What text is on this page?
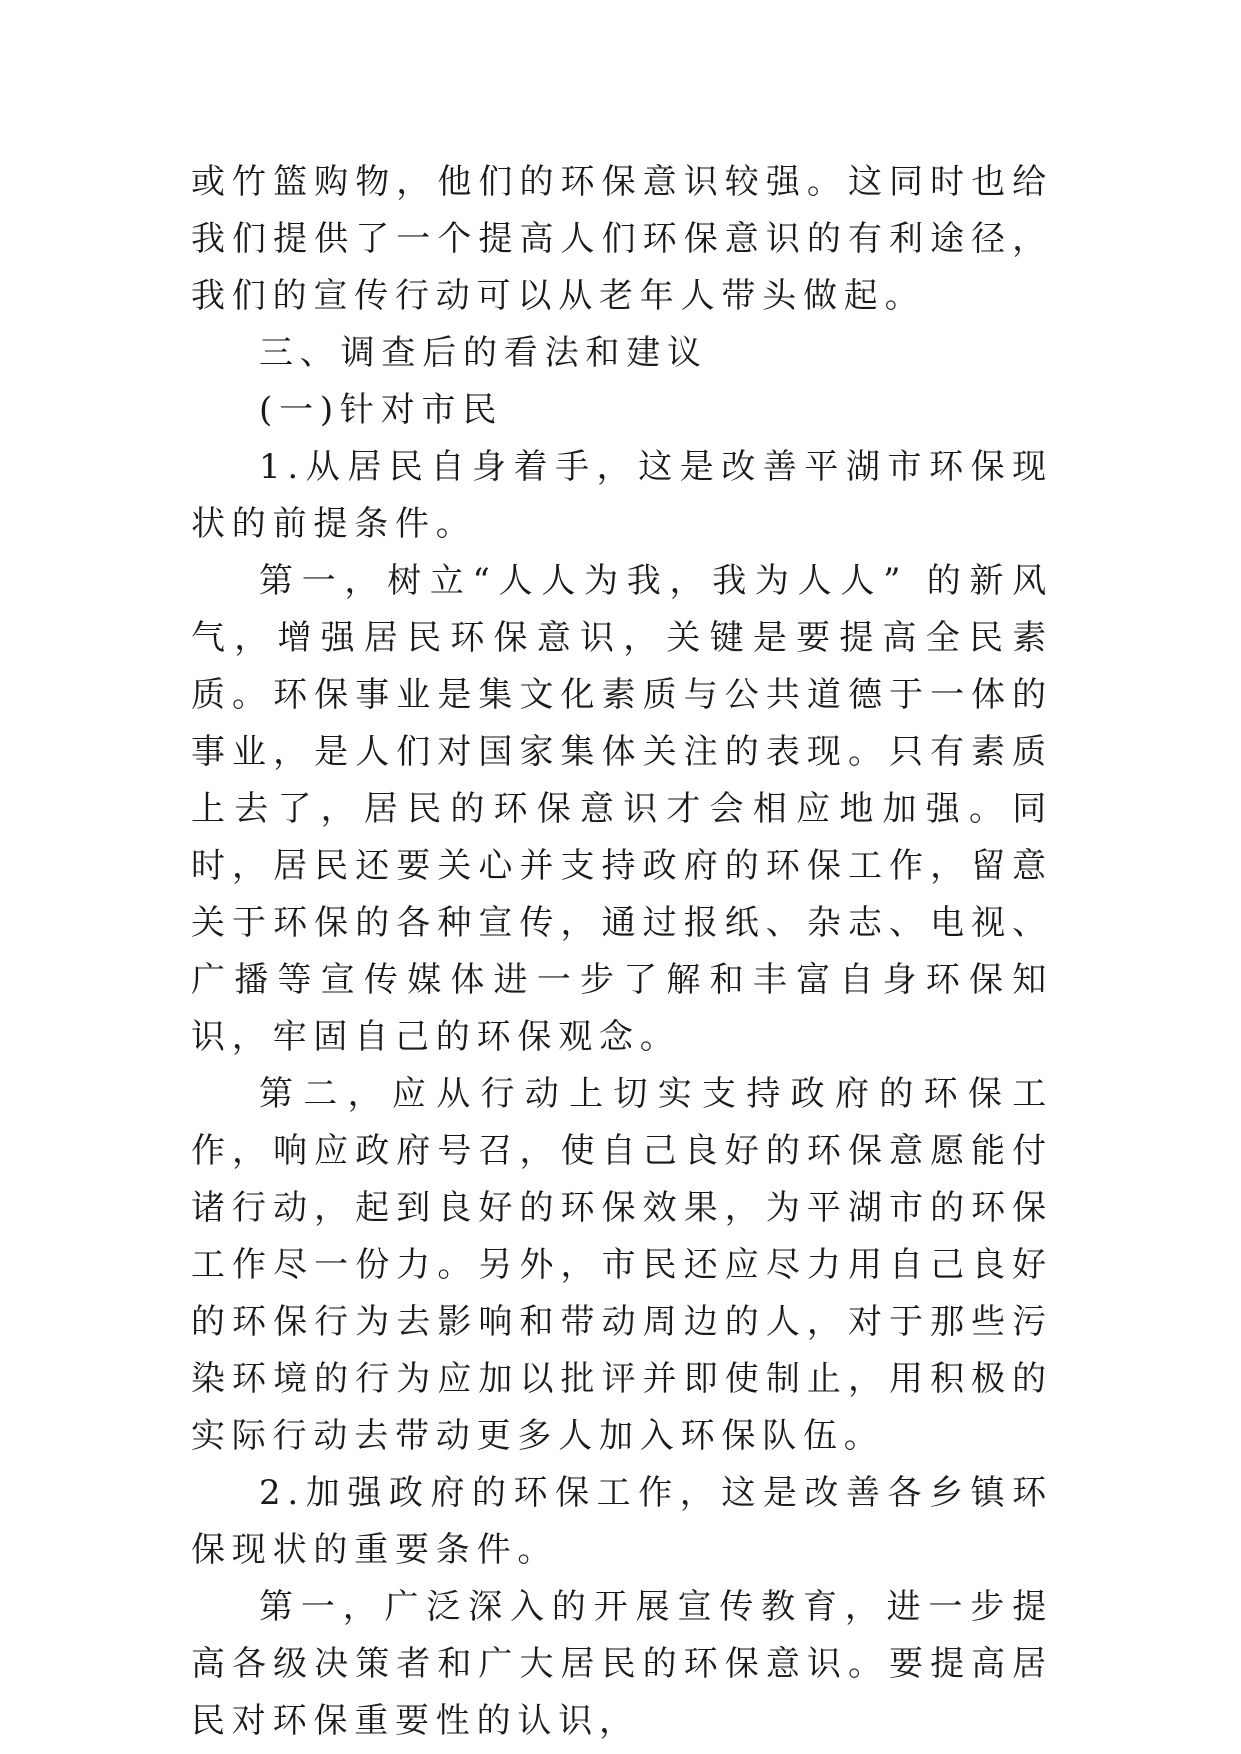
或竹篮购物，他们的环保意识较强。这同时也给我们提供了一个提高人们环保意识的有利途径，我们的宣传行动可以从老年人带头做起。

三、调查后的看法和建议

(一)针对市民

1.从居民自身着手，这是改善平湖市环保现状的前提条件。

第一，树立“人人为我，我为人人” 的新风气，增强居民环保意识，关键是要提高全民素质。环保事业是集文化素质与公共道德于一体的事业，是人们对国家集体关注的表现。只有素质上去了，居民的环保意识才会相应地加强。同时，居民还要关心并支持政府的环保工作，留意关于环保的各种宣传，通过报纸、杂志、电视、广播等宣传媒体进一步了解和丰富自身环保知识，牢固自己的环保观念。

第二，应从行动上切实支持政府的环保工作，响应政府号召，使自己良好的环保意愿能付诸行动，起到良好的环保效果，为平湖市的环保工作尽一份力。另外，市民还应尽力用自己良好的环保行为去影响和带动周边的人，对于那些污染环境的行为应加以批评并即使制止，用积极的实际行动去带动更多人加入环保队伍。

2.加强政府的环保工作，这是改善各乡镇环保现状的重要条件。

第一，广泛深入的开展宣传教育，进一步提高各级决策者和广大居民的环保意识。要提高居民对环保重要性的认识，
